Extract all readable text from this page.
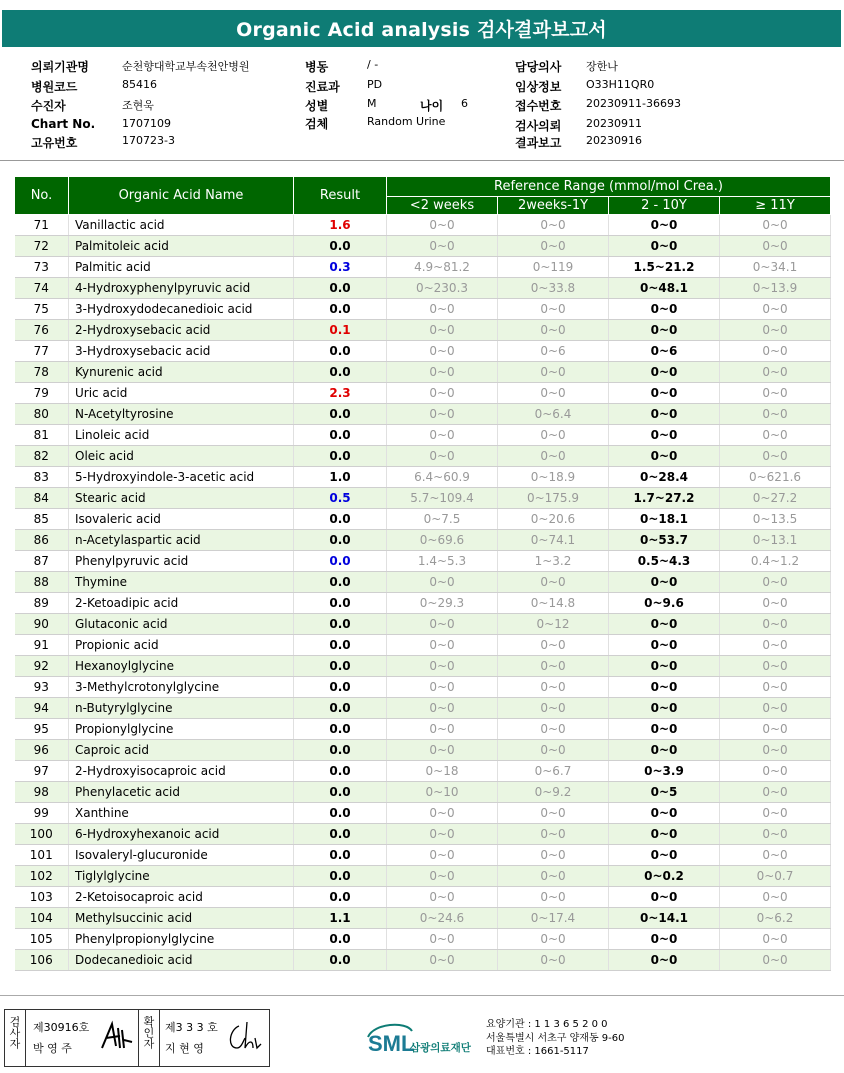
Organic Acid analysis 검사결과보고서
의뢰기관명	순천향대학교부속천안병원
병원코드	85416
수진자	조현욱
Chart No. 1707109
고유번호	170723-3
병동	/ -
진료과 PD
성별	M	나이 6
검체	Random Urine
담당의사 장한나
임상정보 O33H11QR0
접수번호 20230911-36693
검사의뢰 20230911
결과보고 20230916
No.	Organic Acid Name	Result	Reference Range (mmol/mol Crea.)			
			<2 weeks	2weeks-1Y	2 - 10Y	≥ 11Y
71	Vanillactic acid	1.6	0~0	0~0	0~0	0~0
72	Palmitoleic acid	0.0	0~0	0~0	0~0	0~0
73	Palmitic acid	0.3	4.9~81.2	0~119	1.5~21.2	0~34.1
74	4-Hydroxyphenylpyruvic acid	0.0	0~230.3	0~33.8	0~48.1	0~13.9
75	3-Hydroxydodecanedioic acid	0.0	0~0	0~0	0~0	0~0
76	2-Hydroxysebacic acid	0.1	0~0	0~0	0~0	0~0
77	3-Hydroxysebacic acid	0.0	0~0	0~6	0~6	0~0
78	Kynurenic acid	0.0	0~0	0~0	0~0	0~0
79	Uric acid	2.3	0~0	0~0	0~0	0~0
80	N-Acetyltyrosine	0.0	0~0	0~6.4	0~0	0~0
81	Linoleic acid	0.0	0~0	0~0	0~0	0~0
82	Oleic acid	0.0	0~0	0~0	0~0	0~0
83	5-Hydroxyindole-3-acetic acid	1.0	6.4~60.9	0~18.9	0~28.4	0~621.6
84	Stearic acid	0.5	5.7~109.4	0~175.9	1.7~27.2	0~27.2
85	Isovaleric acid	0.0	0~7.5	0~20.6	0~18.1	0~13.5
86	n-Acetylaspartic acid	0.0	0~69.6	0~74.1	0~53.7	0~13.1
87	Phenylpyruvic acid	0.0	1.4~5.3	1~3.2	0.5~4.3	0.4~1.2
88	Thymine	0.0	0~0	0~0	0~0	0~0
89	2-Ketoadipic acid	0.0	0~29.3	0~14.8	0~9.6	0~0
90	Glutaconic acid	0.0	0~0	0~12	0~0	0~0
91	Propionic acid	0.0	0~0	0~0	0~0	0~0
92	Hexanoylglycine	0.0	0~0	0~0	0~0	0~0
93	3-Methylcrotonylglycine	0.0	0~0	0~0	0~0	0~0
94	n-Butyrylglycine	0.0	0~0	0~0	0~0	0~0
95	Propionylglycine	0.0	0~0	0~0	0~0	0~0
96	Caproic acid	0.0	0~0	0~0	0~0	0~0
97	2-Hydroxyisocaproic acid	0.0	0~18	0~6.7	0~3.9	0~0
98	Phenylacetic acid	0.0	0~10	0~9.2	0~5	0~0
99	Xanthine	0.0	0~0	0~0	0~0	0~0
100	6-Hydroxyhexanoic acid	0.0	0~0	0~0	0~0	0~0
101	Isovaleryl-glucuronide	0.0	0~0	0~0	0~0	0~0
102	Tiglylglycine	0.0	0~0	0~0	0~0.2	0~0.7
103	2-Ketoisocaproic acid	0.0	0~0	0~0	0~0	0~0
104	Methylsuccinic acid	1.1	0~24.6	0~17.4	0~14.1	0~6.2
105	Phenylpropionylglycine	0.0	0~0	0~0	0~0	0~0
106	Dodecanedioic acid	0.0	0~0	0~0	0~0	0~0
검사자 제30916호
박 영 주	확인자 제3 3 3 호
지 현 영	SML
삼광의료재단
요양기관 : 1 1 3 6 5 2 0 0
서울특별시 서초구 양재동 9-60
대표번호 : 1661-5117
